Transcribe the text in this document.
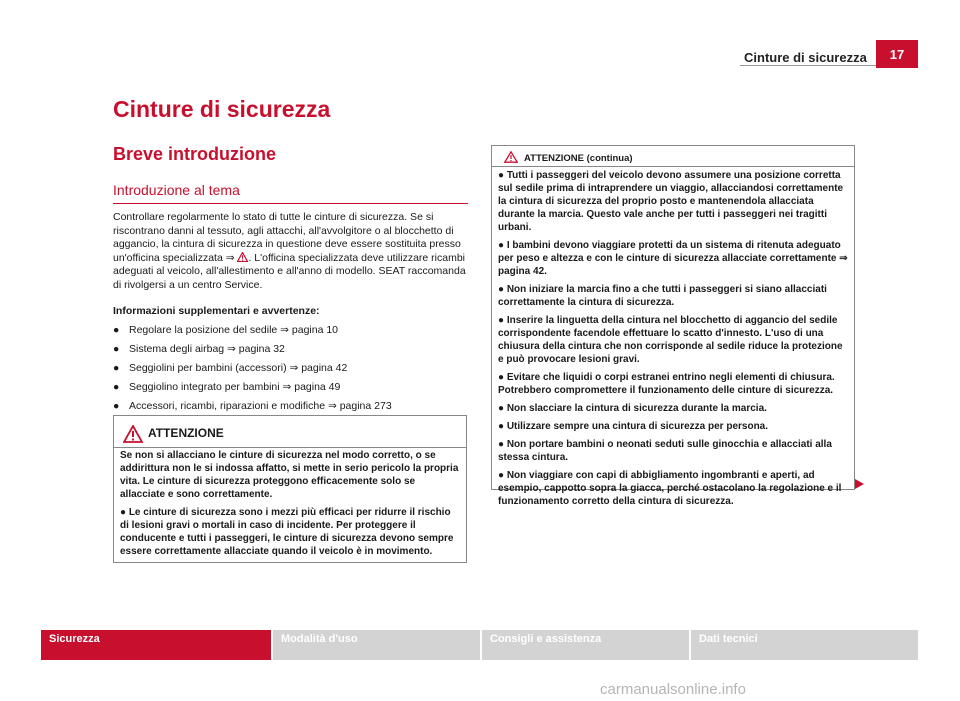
Cinture di sicurezza	17
Cinture di sicurezza
Breve introduzione
Introduzione al tema
Controllare regolarmente lo stato di tutte le cinture di sicurezza. Se si riscontrano danni al tessuto, agli attacchi, all'avvolgitore o al blocchetto di aggancio, la cintura di sicurezza in questione deve essere sostituita presso un'officina specializzata ⇒ . L'officina specializzata deve utilizzare ricambi adeguati al veicolo, all'allestimento e all'anno di modello. SEAT raccomanda di rivolgersi a un centro Service.
Informazioni supplementari e avvertenze:
● Regolare la posizione del sedile ⇒ pagina 10
● Sistema degli airbag ⇒ pagina 32
● Seggiolini per bambini (accessori) ⇒ pagina 42
● Seggiolino integrato per bambini ⇒ pagina 49
● Accessori, ricambi, riparazioni e modifiche ⇒ pagina 273
ATTENZIONE

Se non si allacciano le cinture di sicurezza nel modo corretto, o se addirittura non le si indossa affatto, si mette in serio pericolo la propria vita. Le cinture di sicurezza proteggono efficacemente solo se allacciate e sono correttamente.

● Le cinture di sicurezza sono i mezzi più efficaci per ridurre il rischio di lesioni gravi o mortali in caso di incidente. Per proteggere il conducente e tutti i passeggeri, le cinture di sicurezza devono sempre essere correttamente allacciate quando il veicolo è in movimento.

ATTENZIONE (continua)

● Tutti i passeggeri del veicolo devono assumere una posizione corretta sul sedile prima di intraprendere un viaggio, allacciandosi correttamente la cintura di sicurezza del proprio posto e mantenendola allacciata durante la marcia. Questo vale anche per tutti i passeggeri nei tragitti urbani.

● I bambini devono viaggiare protetti da un sistema di ritenuta adeguato per peso e altezza e con le cinture di sicurezza allacciate correttamente ⇒ pagina 42.

● Non iniziare la marcia fino a che tutti i passeggeri si siano allacciati correttamente la cintura di sicurezza.

● Inserire la linguetta della cintura nel blocchetto di aggancio del sedile corrispondente facendole effettuare lo scatto d'innesto. L'uso di una chiusura della cintura che non corrisponde al sedile riduce la protezione e può provocare lesioni gravi.

● Evitare che liquidi o corpi estranei entrino negli elementi di chiusura. Potrebbero compromettere il funzionamento delle cinture di sicurezza.

● Non slacciare la cintura di sicurezza durante la marcia.

● Utilizzare sempre una cintura di sicurezza per persona.

● Non portare bambini o neonati seduti sulle ginocchia e allacciati alla stessa cintura.

● Non viaggiare con capi di abbigliamento ingombranti e aperti, ad esempio, cappotto sopra la giacca, perché ostacolano la regolazione e il funzionamento corretto della cintura di sicurezza.

Sicurezza	Modalità d'uso	Consigli e assistenza	Dati tecnici
carmanualsonline.info
